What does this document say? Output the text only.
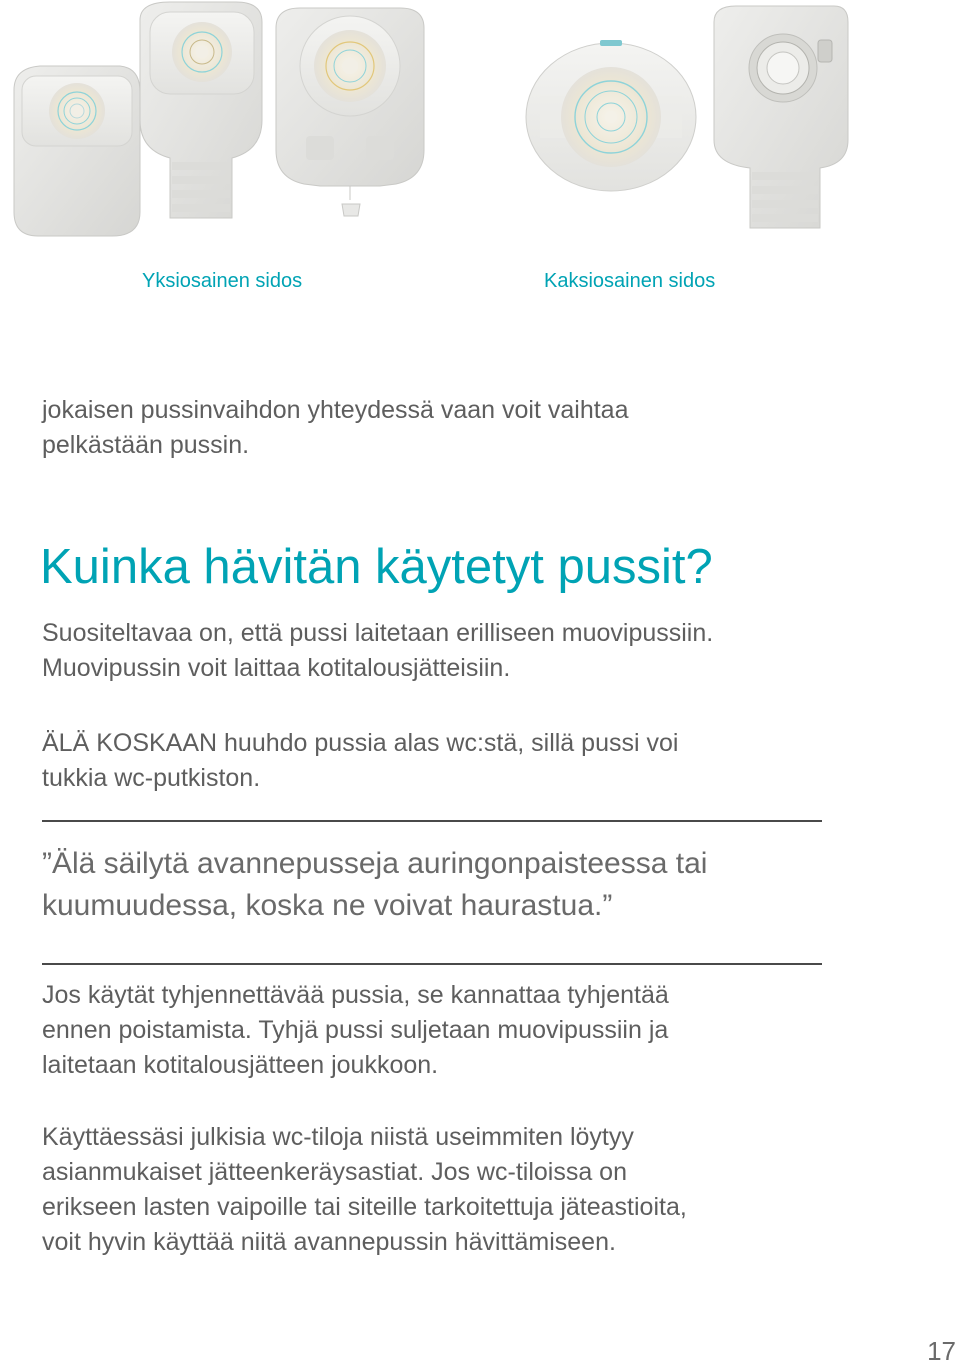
Yksiosainen sidos	Kaksiosainen sidos

jokaisen pussinvaihdon yhteydessä vaan voit vaihtaa
pelkästään pussin.

Kuinka hävitän käytetyt pussit?

Suositeltavaa on, että pussi laitetaan erilliseen muovipussiin.
Muovipussin voit laittaa kotitalousjätteisiin.

ÄLÄ KOSKAAN huuhdo pussia alas wc:stä, sillä pussi voi
tukkia wc-putkiston.

”Älä säilytä avannepusseja auringonpaisteessa tai
kuumuudessa, koska ne voivat haurastua.”

Jos käytät tyhjennettävää pussia, se kannattaa tyhjentää
ennen poistamista. Tyhjä pussi suljetaan muovipussiin ja
laitetaan kotitalousjätteen joukkoon.

Käyttäessäsi julkisia wc-tiloja niistä useimmiten löytyy
asianmukaiset jätteenkeräysastiat. Jos wc-tiloissa on
erikseen lasten vaipoille tai siteille tarkoitettuja jäteastioita,
voit hyvin käyttää niitä avannepussin hävittämiseen.

17
